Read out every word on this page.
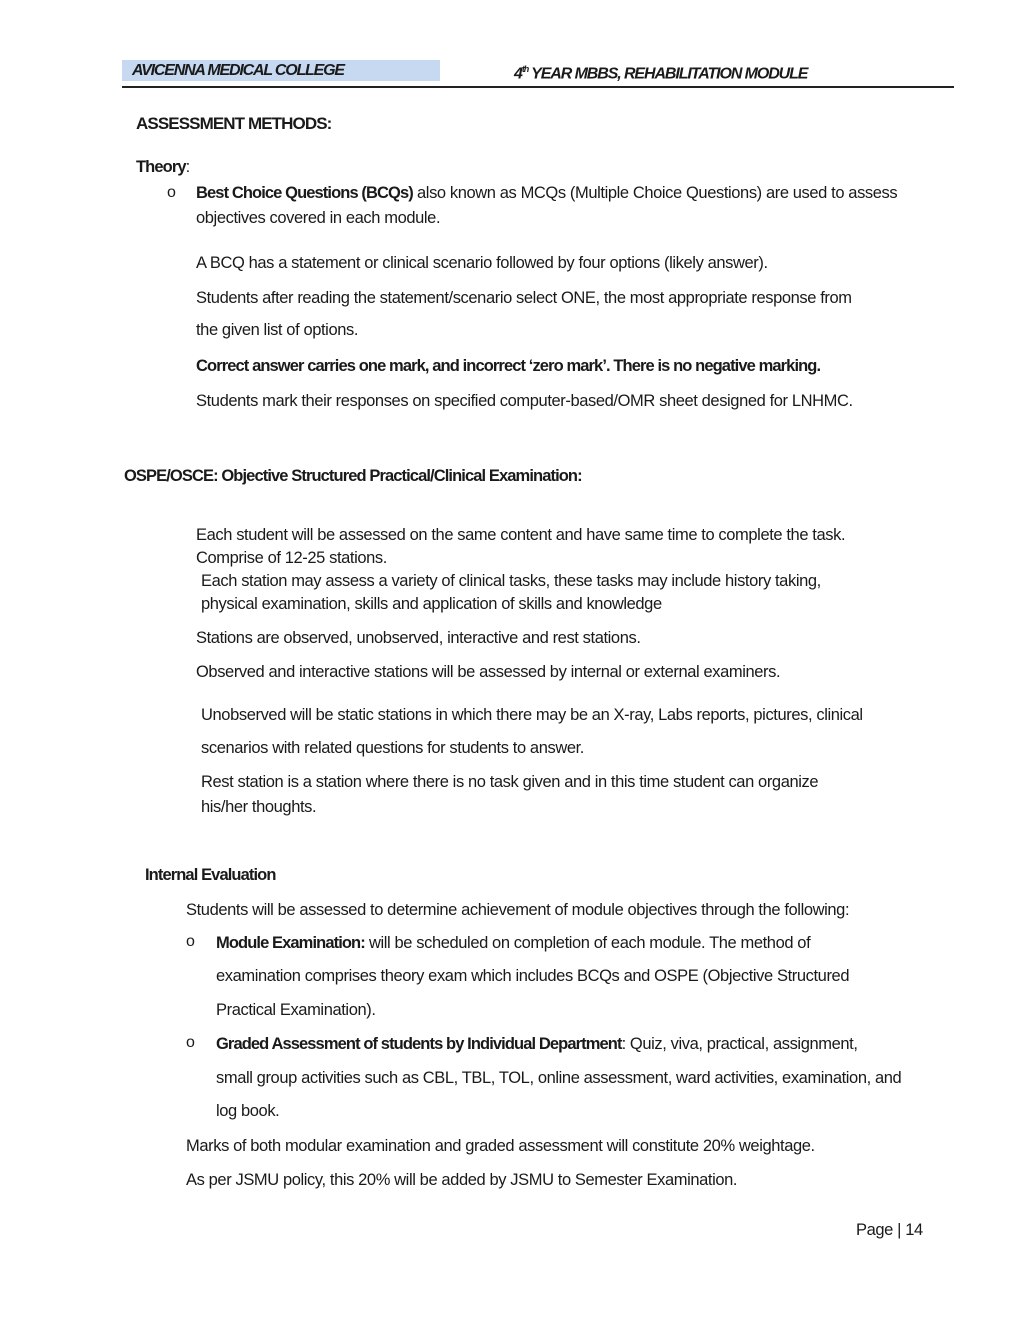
AVICENNA MEDICAL COLLEGE	4th YEAR MBBS, REHABILITATION MODULE
ASSESSMENT METHODS:
Theory:
o Best Choice Questions (BCQs) also known as MCQs (Multiple Choice Questions) are used to assess
objectives covered in each module.
A BCQ has a statement or clinical scenario followed by four options (likely answer).
Students after reading the statement/scenario select ONE, the most appropriate response from
the given list of options.
Correct answer carries one mark, and incorrect ‘zero mark’. There is no negative marking.
Students mark their responses on specified computer-based/OMR sheet designed for LNHMC.
OSPE/OSCE: Objective Structured Practical/Clinical Examination:
Each student will be assessed on the same content and have same time to complete the task.
Comprise of 12-25 stations.
Each station may assess a variety of clinical tasks, these tasks may include history taking,
physical examination, skills and application of skills and knowledge
Stations are observed, unobserved, interactive and rest stations.
Observed and interactive stations will be assessed by internal or external examiners.
Unobserved will be static stations in which there may be an X-ray, Labs reports, pictures, clinical
scenarios with related questions for students to answer.
Rest station is a station where there is no task given and in this time student can organize
his/her thoughts.
Internal Evaluation
Students will be assessed to determine achievement of module objectives through the following:
o Module Examination: will be scheduled on completion of each module. The method of
examination comprises theory exam which includes BCQs and OSPE (Objective Structured
Practical Examination).
o Graded Assessment of students by Individual Department: Quiz, viva, practical, assignment,
small group activities such as CBL, TBL, TOL, online assessment, ward activities, examination, and
log book.
Marks of both modular examination and graded assessment will constitute 20% weightage.
As per JSMU policy, this 20% will be added by JSMU to Semester Examination.
Page | 14
